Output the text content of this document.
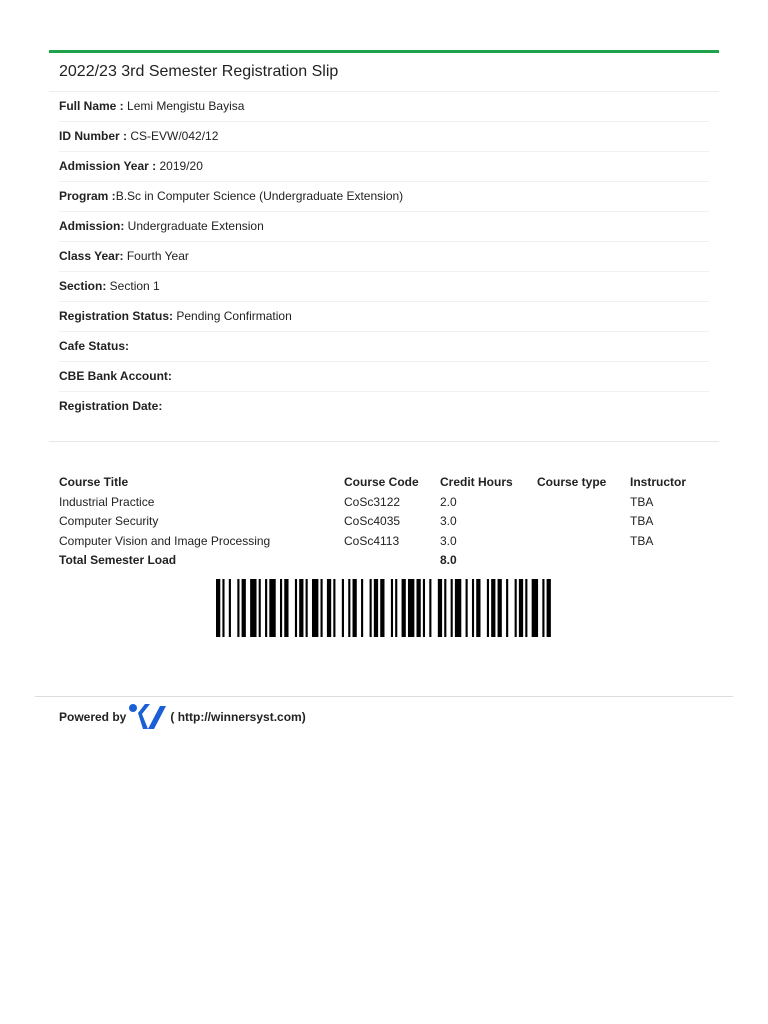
2022/23 3rd Semester Registration Slip
Full Name : Lemi Mengistu Bayisa
ID Number : CS-EVW/042/12
Admission Year : 2019/20
Program :B.Sc in Computer Science (Undergraduate Extension)
Admission: Undergraduate Extension
Class Year: Fourth Year
Section: Section 1
Registration Status: Pending Confirmation
Cafe Status:
CBE Bank Account:
Registration Date:
Course Title	Course Code	Credit Hours	Course type	Instructor
Industrial Practice	CoSc3122	2.0		TBA
Computer Security	CoSc4035	3.0		TBA
Computer Vision and Image Processing	CoSc4113	3.0		TBA
Total Semester Load		8.0		
Powered by	( http://winnersyst.com)
